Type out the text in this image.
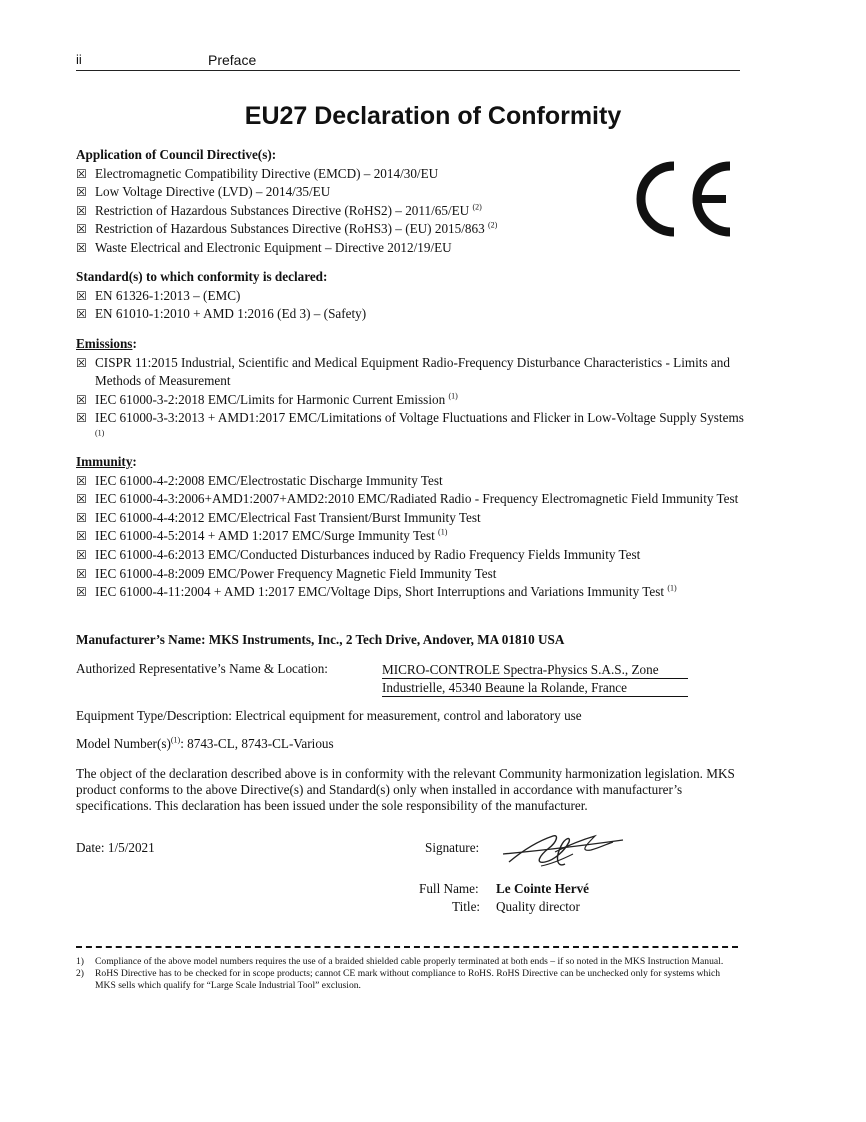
ii	Preface
EU27 Declaration of Conformity
Application of Council Directive(s):
☒ Electromagnetic Compatibility Directive (EMCD) – 2014/30/EU
☒ Low Voltage Directive (LVD) – 2014/35/EU
☒ Restriction of Hazardous Substances Directive (RoHS2) – 2011/65/EU $^{(2)}$
☒ Restriction of Hazardous Substances Directive (RoHS3) – (EU) 2015/863 $^{(2)}$
☒ Waste Electrical and Electronic Equipment – Directive 2012/19/EU
Standard(s) to which conformity is declared:
☒ EN 61326-1:2013 – (EMC)
☒ EN 61010-1:2010 + AMD 1:2016 (Ed 3) – (Safety)
Emissions:
☒ CISPR 11:2015 Industrial, Scientific and Medical Equipment Radio-Frequency Disturbance Characteristics - Limits and Methods of Measurement
☒ IEC 61000-3-2:2018 EMC/Limits for Harmonic Current Emission $^{(1)}$
☒ IEC 61000-3-3:2013 + AMD1:2017 EMC/Limitations of Voltage Fluctuations and Flicker in Low-Voltage Supply Systems $^{(1)}$
Immunity:
☒ IEC 61000-4-2:2008 EMC/Electrostatic Discharge Immunity Test
☒ IEC 61000-4-3:2006+AMD1:2007+AMD2:2010 EMC/Radiated Radio - Frequency Electromagnetic Field Immunity Test
☒ IEC 61000-4-4:2012 EMC/Electrical Fast Transient/Burst Immunity Test
☒ IEC 61000-4-5:2014 + AMD 1:2017 EMC/Surge Immunity Test $^{(1)}$
☒ IEC 61000-4-6:2013 EMC/Conducted Disturbances induced by Radio Frequency Fields Immunity Test
☒ IEC 61000-4-8:2009 EMC/Power Frequency Magnetic Field Immunity Test
☒ IEC 61000-4-11:2004 + AMD 1:2017 EMC/Voltage Dips, Short Interruptions and Variations Immunity Test $^{(1)}$
Manufacturer’s Name: MKS Instruments, Inc., 2 Tech Drive, Andover, MA 01810 USA
Authorized Representative’s Name & Location:	MICRO-CONTROLE Spectra-Physics S.A.S., Zone
Industrielle, 45340 Beaune la Rolande, France
Equipment Type/Description: Electrical equipment for measurement, control and laboratory use
Model $Number(s)^{(1)}$: 8743-CL, 8743-CL-Various
The object of the declaration described above is in conformity with the relevant Community harmonization legislation. MKS product conforms to the above Directive(s) and Standard(s) only when installed in accordance with manufacturer’s specifications. This declaration has been issued under the sole responsibility of the manufacturer.
Date: 1/5/2021	Signature:
Full Name: Le Cointe Hervé
Title: Quality director
1)	Compliance of the above model numbers requires the use of a braided shielded cable properly terminated at both ends – if so noted in the MKS Instruction Manual.
2)	RoHS Directive has to be checked for in scope products; cannot CE mark without compliance to RoHS. RoHS Directive can be unchecked only for systems which MKS sells which qualify for “Large Scale Industrial Tool” exclusion.
